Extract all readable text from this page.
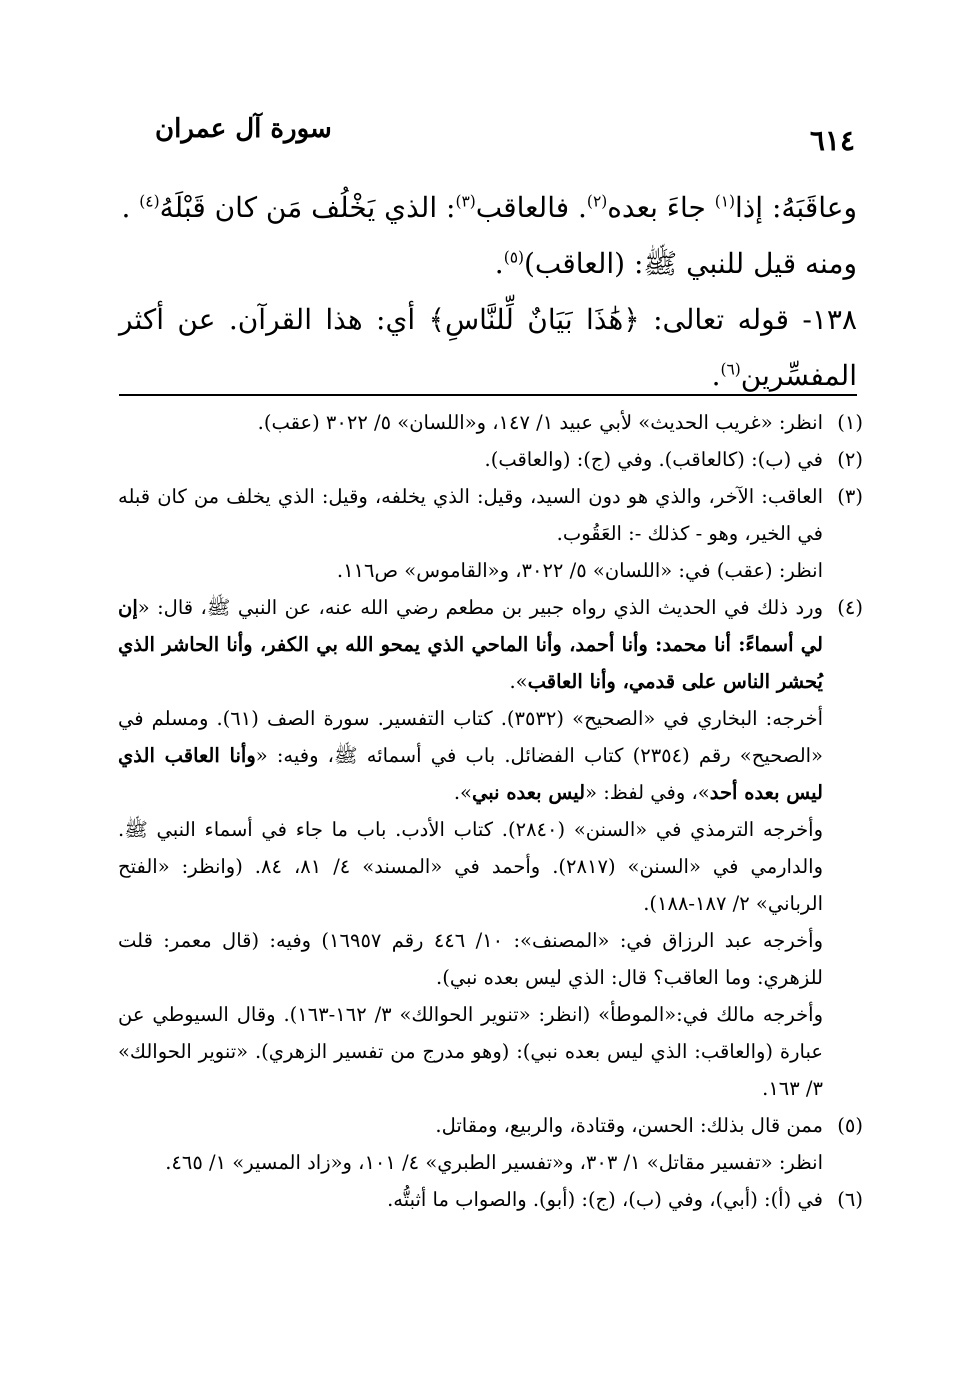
٦١٤
سورة آل عمران

وعاقَبَهُ: إذا$^{(١)}$ جاءَ بعده$^{(٢)}$. فالعاقب$^{(٣)}$: الذي يَخْلُف مَن كان قَبْلَهُ$^{(٤)}$ .

ومنه قيل للنبي ﷺ: (العاقب)$^{(٥)}$.

١٣٨- قوله تعالى: ﴿هَٰذَا بَيَانٌ لِّلنَّاسِ﴾ أي: هذا القرآن. عن أكثر المفسِّرين$^{(٦)}$.

(١)

انظر: «غريب الحديث» لأبي عبيد ١/ ١٤٧، و«اللسان» ٥/ ٣٠٢٢ (عقب).

(٢)

في (ب): (كالعاقب). وفي (ج): (والعاقب).

(٣)

العاقب: الآخر، والذي هو دون السيد، وقيل: الذي يخلفه، وقيل: الذي يخلف من كان قبله في الخير، وهو - كذلك -: العَقُوب.

انظر: (عقب) في: «اللسان» ٥/ ٣٠٢٢، و«القاموس» ص١١٦.

(٤)

ورد ذلك في الحديث الذي رواه جبير بن مطعم رضي الله عنه، عن النبي ﷺ، قال: «إن لي أسماءً: أنا محمد: وأنا أحمد، وأنا الماحي الذي يمحو الله بي الكفر، وأنا الحاشر الذي يُحشر الناس على قدمي، وأنا العاقب».

أخرجه: البخاري في «الصحيح» (٣٥٣٢). كتاب التفسير. سورة الصف (٦١). ومسلم في «الصحيح» رقم (٢٣٥٤) كتاب الفضائل. باب في أسمائه ﷺ، وفيه: «وأنا العاقب الذي ليس بعده أحد»، وفي لفظ: «ليس بعده نبي».

وأخرجه الترمذي في «السنن» (٢٨٤٠). كتاب الأدب. باب ما جاء في أسماء النبي ﷺ. والدارمي في «السنن» (٢٨١٧). وأحمد في «المسند» ٤/ ٨١، ٨٤. (وانظر: «الفتح الرباني» ٢/ ١٨٧-١٨٨).

وأخرجه عبد الرزاق في: «المصنف»: ١٠/ ٤٤٦ رقم ١٦٩٥٧) وفيه: (قال معمر: قلت للزهري: وما العاقب؟ قال: الذي ليس بعده نبي).

وأخرجه مالك في:«الموطأ» (انظر: «تنوير الحوالك» ٣/ ١٦٢-١٦٣). وقال السيوطي عن عبارة (والعاقب: الذي ليس بعده نبي): (وهو مدرج من تفسير الزهري). «تنوير الحوالك» ٣/ ١٦٣.

(٥)

ممن قال بذلك: الحسن، وقتادة، والربيع، ومقاتل.

انظر: «تفسير مقاتل» ١/ ٣٠٣، و«تفسير الطبري» ٤/ ١٠١، و«زاد المسير» ١/ ٤٦٥.

(٦)

في (أ): (أبي)، وفي (ب)، (ج): (أبو). والصواب ما أثبتُّه.
